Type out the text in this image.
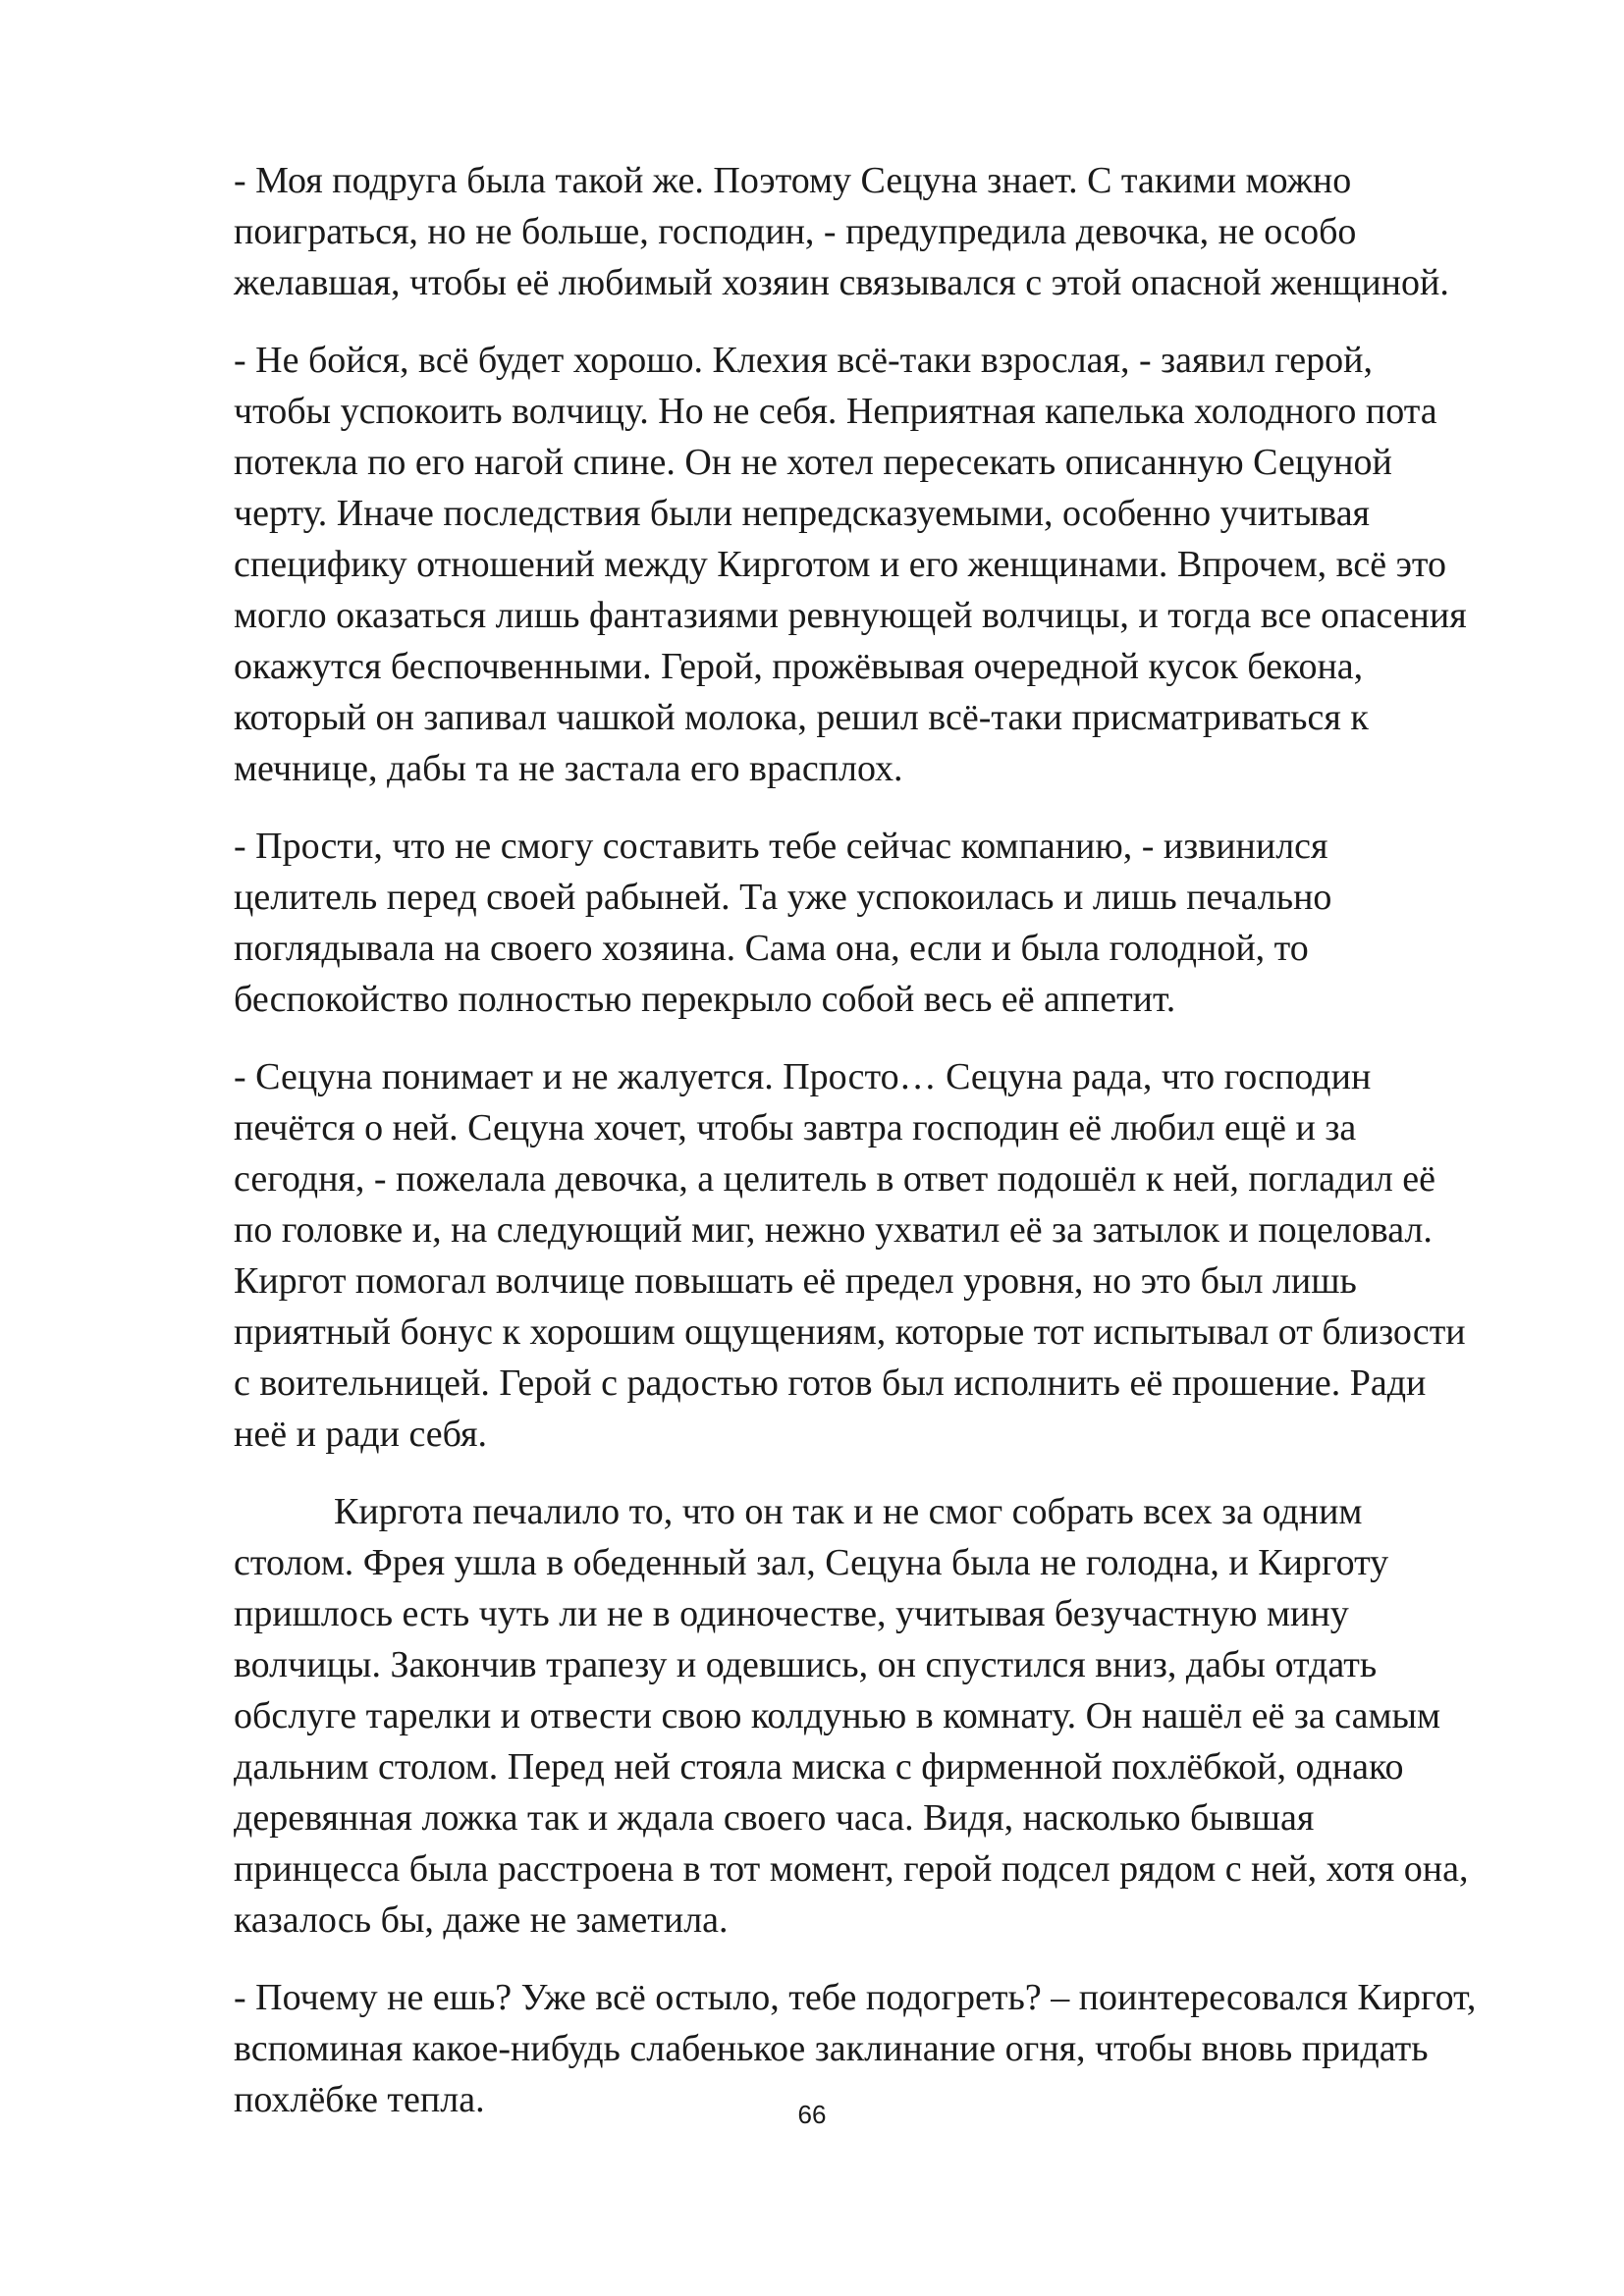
- Моя подруга была такой же. Поэтому Сецуна знает. С такими можно
поиграться, но не больше, господин, - предупредила девочка, не особо
желавшая, чтобы её любимый хозяин связывался с этой опасной женщиной.
- Не бойся, всё будет хорошо. Клехия всё-таки взрослая, - заявил герой,
чтобы успокоить волчицу. Но не себя. Неприятная капелька холодного пота
потекла по его нагой спине. Он не хотел пересекать описанную Сецуной
черту. Иначе последствия были непредсказуемыми, особенно учитывая
специфику отношений между Кирготом и его женщинами. Впрочем, всё это
могло оказаться лишь фантазиями ревнующей волчицы, и тогда все опасения
окажутся беспочвенными. Герой, прожёвывая очередной кусок бекона,
который он запивал чашкой молока, решил всё-таки присматриваться к
мечнице, дабы та не застала его врасплох.
- Прости, что не смогу составить тебе сейчас компанию, - извинился
целитель перед своей рабыней. Та уже успокоилась и лишь печально
поглядывала на своего хозяина. Сама она, если и была голодной, то
беспокойство полностью перекрыло собой весь её аппетит.
- Сецуна понимает и не жалуется. Просто… Сецуна рада, что господин
печётся о ней. Сецуна хочет, чтобы завтра господин её любил ещё и за
сегодня, - пожелала девочка, а целитель в ответ подошёл к ней, погладил её
по головке и, на следующий миг, нежно ухватил её за затылок и поцеловал.
Киргот помогал волчице повышать её предел уровня, но это был лишь
приятный бонус к хорошим ощущениям, которые тот испытывал от близости
с воительницей. Герой с радостью готов был исполнить её прошение. Ради
неё и ради себя.
Киргота печалило то, что он так и не смог собрать всех за одним
столом. Фрея ушла в обеденный зал, Сецуна была не голодна, и Кирготу
пришлось есть чуть ли не в одиночестве, учитывая безучастную мину
волчицы. Закончив трапезу и одевшись, он спустился вниз, дабы отдать
обслуге тарелки и отвести свою колдунью в комнату. Он нашёл её за самым
дальним столом. Перед ней стояла миска с фирменной похлёбкой, однако
деревянная ложка так и ждала своего часа. Видя, насколько бывшая
принцесса была расстроена в тот момент, герой подсел рядом с ней, хотя она,
казалось бы, даже не заметила.
- Почему не ешь? Уже всё остыло, тебе подогреть? – поинтересовался Киргот,
вспоминая какое-нибудь слабенькое заклинание огня, чтобы вновь придать
похлёбке тепла.	66
